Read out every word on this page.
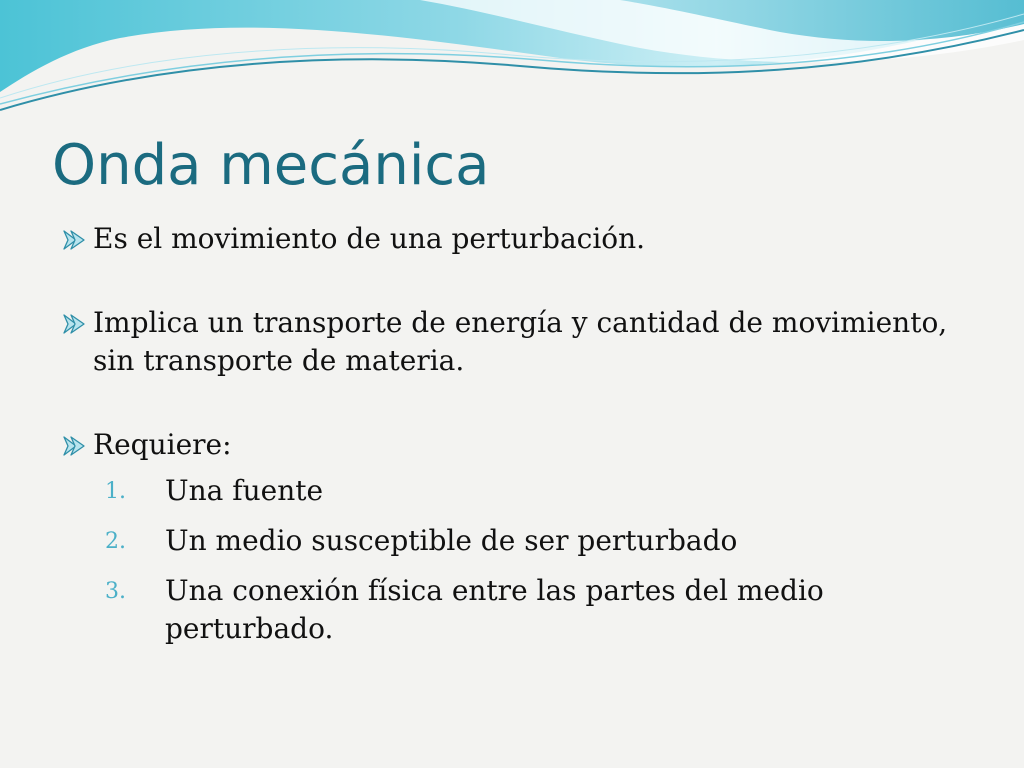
Onda mecánica
Es el movimiento de una perturbación.
Implica un transporte de energía y cantidad de movimiento, sin transporte de materia.
Requiere:
1. Una fuente
2. Un medio susceptible de ser perturbado
3. Una conexión física entre las partes del medio perturbado.
